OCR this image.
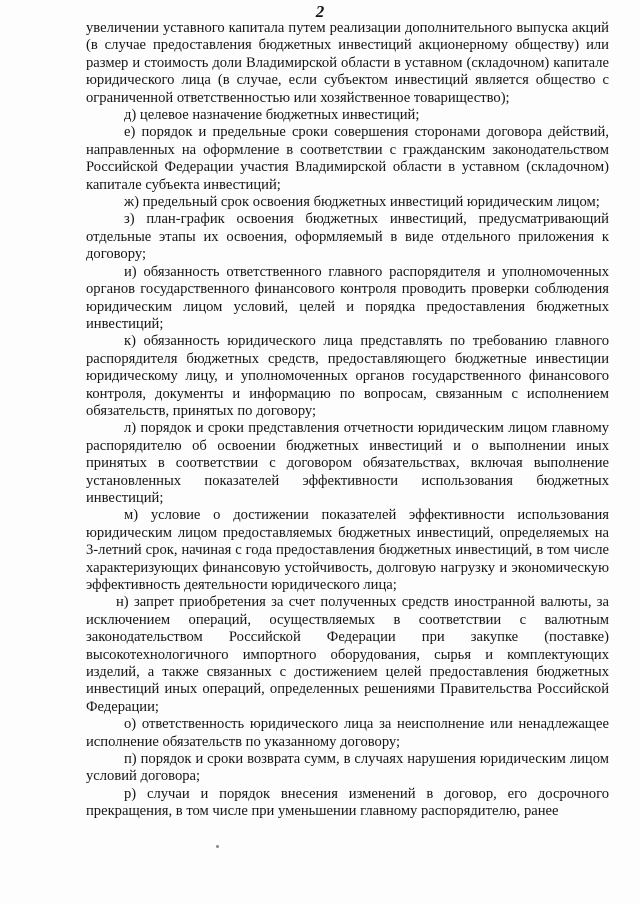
2

увеличении уставного капитала путем реализации дополнительного выпуска акций (в случае предоставления бюджетных инвестиций акционерному обществу) или размер и стоимость доли Владимирской области в уставном (складочном) капитале юридического лица (в случае, если субъектом инвестиций является общество с ограниченной ответственностью или хозяйственное товарищество);

д) целевое назначение бюджетных инвестиций;

е) порядок и предельные сроки совершения сторонами договора действий, направленных на оформление в соответствии с гражданским законодательством Российской Федерации участия Владимирской области в уставном (складочном) капитале субъекта инвестиций;

ж) предельный срок освоения бюджетных инвестиций юридическим лицом;

з) план-график освоения бюджетных инвестиций, предусматривающий отдельные этапы их освоения, оформляемый в виде отдельного приложения к договору;

и) обязанность ответственного главного распорядителя и уполномоченных органов государственного финансового контроля проводить проверки соблюдения юридическим лицом условий, целей и порядка предоставления бюджетных инвестиций;

к) обязанность юридического лица представлять по требованию главного распорядителя бюджетных средств, предоставляющего бюджетные инвестиции юридическому лицу, и уполномоченных органов государственного финансового контроля, документы и информацию по вопросам, связанным с исполнением обязательств, принятых по договору;

л) порядок и сроки представления отчетности юридическим лицом главному распорядителю об освоении бюджетных инвестиций и о выполнении иных принятых в соответствии с договором обязательствах, включая выполнение установленных показателей эффективности использования бюджетных инвестиций;

м) условие о достижении показателей эффективности использования юридическим лицом предоставляемых бюджетных инвестиций, определяемых на 3-летний срок, начиная с года предоставления бюджетных инвестиций, в том числе характеризующих финансовую устойчивость, долговую нагрузку и экономическую эффективность деятельности юридического лица;

н) запрет приобретения за счет полученных средств иностранной валюты, за исключением операций, осуществляемых в соответствии с валютным законодательством Российской Федерации при закупке (поставке) высокотехнологичного импортного оборудования, сырья и комплектующих изделий, а также связанных с достижением целей предоставления бюджетных инвестиций иных операций, определенных решениями Правительства Российской Федерации;

о) ответственность юридического лица за неисполнение или ненадлежащее исполнение обязательств по указанному договору;

п) порядок и сроки возврата сумм, в случаях нарушения юридическим лицом условий договора;

р) случаи и порядок внесения изменений в договор, его досрочного прекращения, в том числе при уменьшении главному распорядителю, ранее
